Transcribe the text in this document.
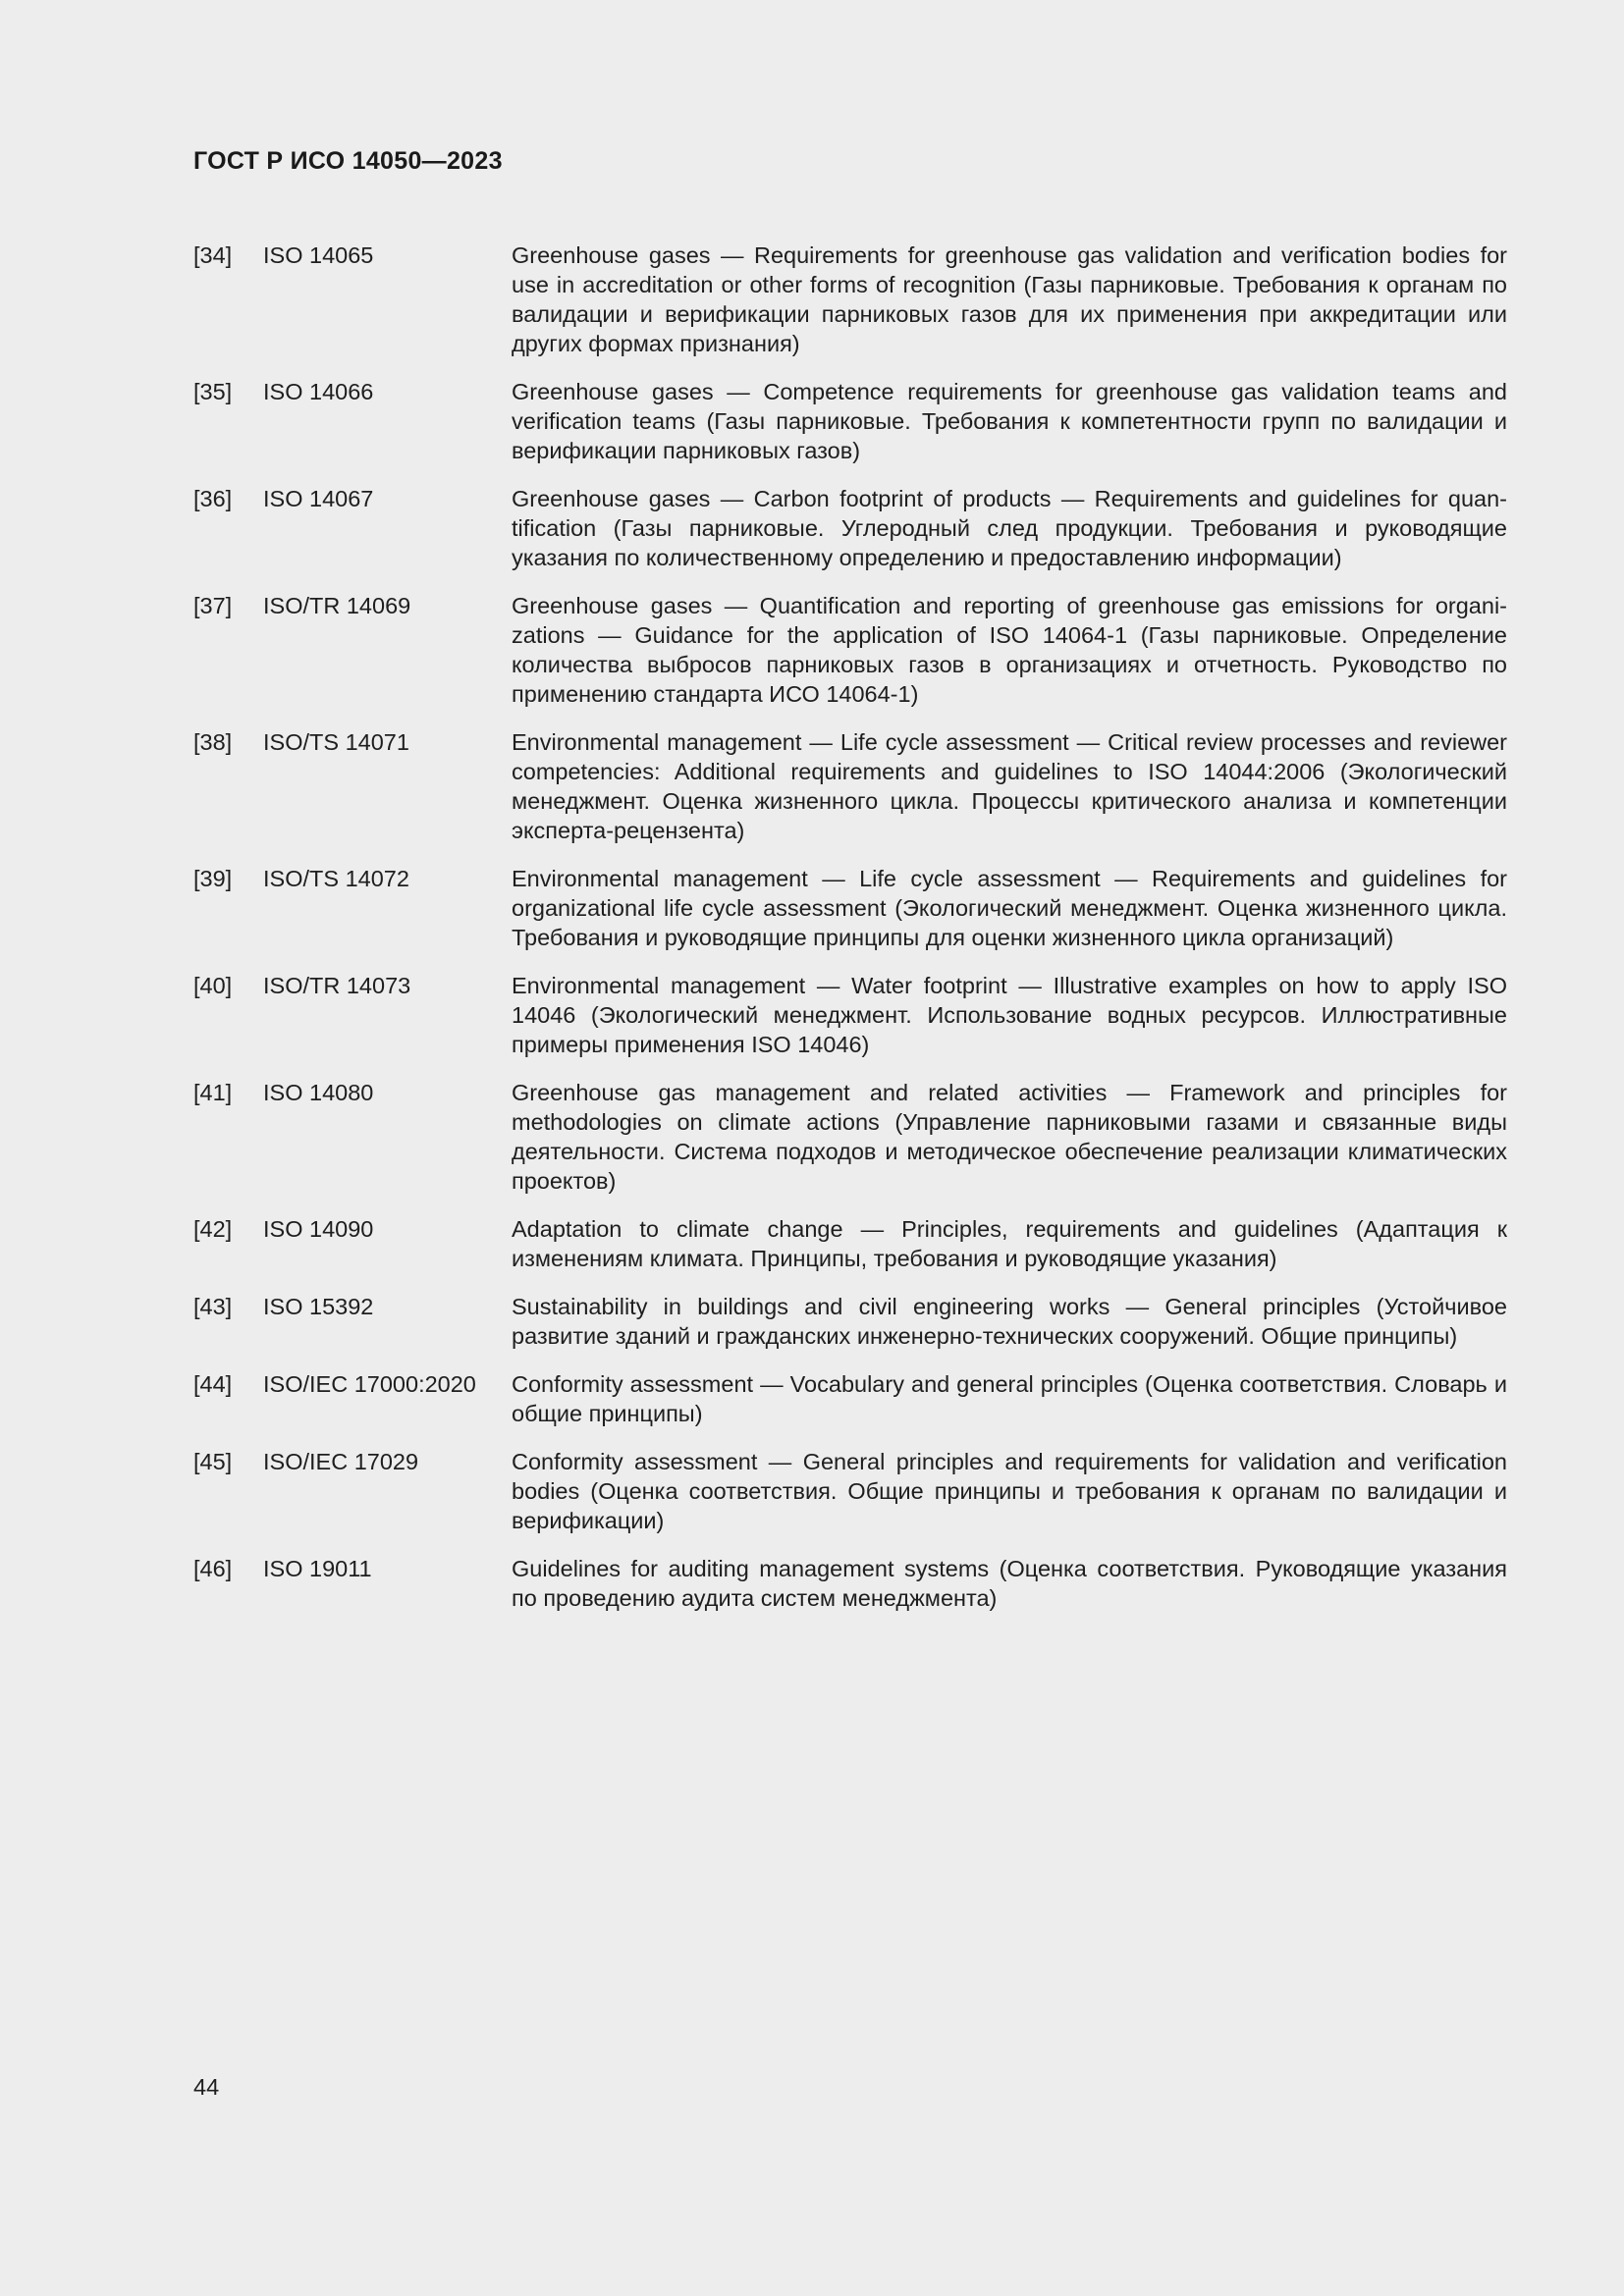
ГОСТ Р ИСО 14050—2023
[34]	ISO 14065	Greenhouse gases — Requirements for greenhouse gas validation and verification bodies for use in accreditation or other forms of recognition (Газы парниковые. Требования к органам по валидации и верификации парниковых газов для их применения при аккредитации или других формах признания)
[35]	ISO 14066	Greenhouse gases — Competence requirements for greenhouse gas validation teams and verification teams (Газы парниковые. Требования к компетентности групп по валидации и верификации парниковых газов)
[36]	ISO 14067	Greenhouse gases — Carbon footprint of products — Requirements and guidelines for quantification (Газы парниковые. Углеродный след продукции. Требования и руководящие указания по количественному определению и предоставлению информации)
[37]	ISO/TR 14069	Greenhouse gases — Quantification and reporting of greenhouse gas emissions for organizations — Guidance for the application of ISO 14064-1 (Газы парниковые. Определение количества выбросов парниковых газов в организациях и отчетность. Руководство по применению стандарта ИСО 14064-1)
[38]	ISO/TS 14071	Environmental management — Life cycle assessment — Critical review processes and reviewer competencies: Additional requirements and guidelines to ISO 14044:2006 (Экологический менеджмент. Оценка жизненного цикла. Процессы критического анализа и компетенции эксперта-рецензента)
[39]	ISO/TS 14072	Environmental management — Life cycle assessment — Requirements and guidelines for organizational life cycle assessment (Экологический менеджмент. Оценка жизненного цикла. Требования и руководящие принципы для оценки жизненного цикла организаций)
[40]	ISO/TR 14073	Environmental management — Water footprint — Illustrative examples on how to apply ISO 14046 (Экологический менеджмент. Использование водных ресурсов. Иллюстративные примеры применения ISO 14046)
[41]	ISO 14080	Greenhouse gas management and related activities — Framework and principles for methodologies on climate actions (Управление парниковыми газами и связанные виды деятельности. Система подходов и методическое обеспечение реализации климатических проектов)
[42]	ISO 14090	Adaptation to climate change — Principles, requirements and guidelines (Адаптация к изменениям климата. Принципы, требования и руководящие указания)
[43]	ISO 15392	Sustainability in buildings and civil engineering works — General principles (Устойчивое развитие зданий и гражданских инженерно-технических сооружений. Общие принципы)
[44]	ISO/IEC 17000:2020	Conformity assessment — Vocabulary and general principles (Оценка соответствия. Словарь и общие принципы)
[45]	ISO/IEC 17029	Conformity assessment — General principles and requirements for validation and verification bodies (Оценка соответствия. Общие принципы и требования к органам по валидации и верификации)
[46]	ISO 19011	Guidelines for auditing management systems (Оценка соответствия. Руководящие указания по проведению аудита систем менеджмента)
44
